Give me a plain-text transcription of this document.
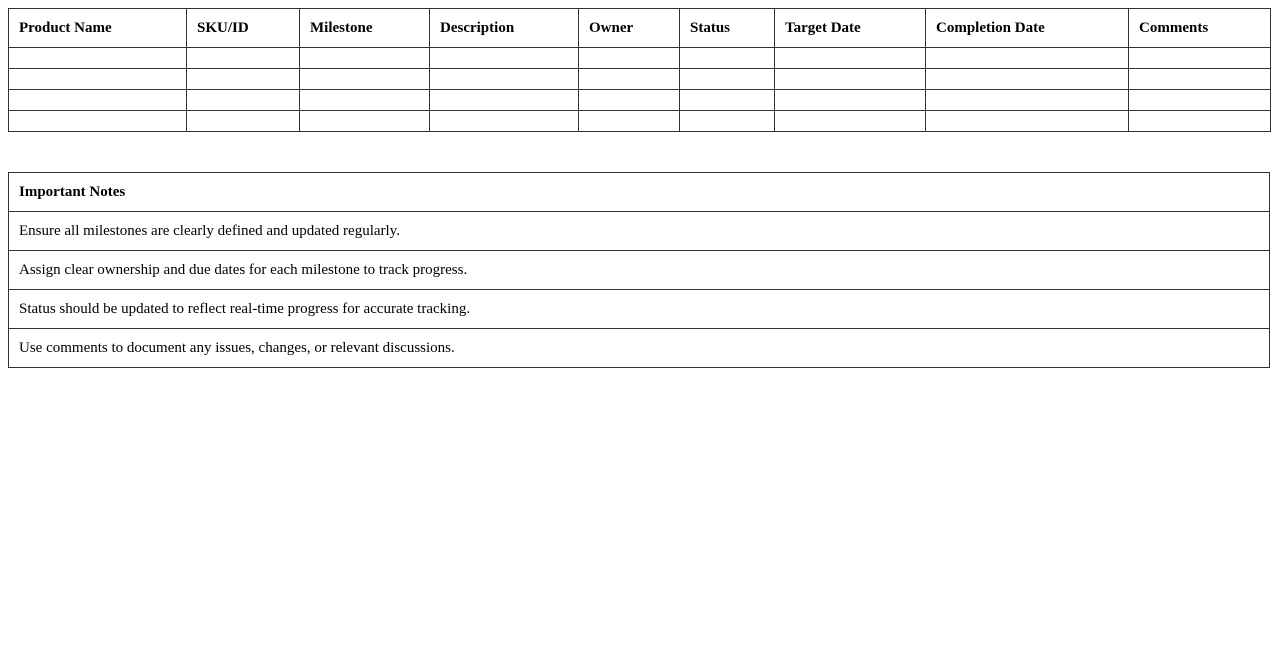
Product Name	SKU/ID	Milestone	Description	Owner	Status	Target Date	Completion Date	Comments

Important Notes
Ensure all milestones are clearly defined and updated regularly.
Assign clear ownership and due dates for each milestone to track progress.
Status should be updated to reflect real-time progress for accurate tracking.
Use comments to document any issues, changes, or relevant discussions.
